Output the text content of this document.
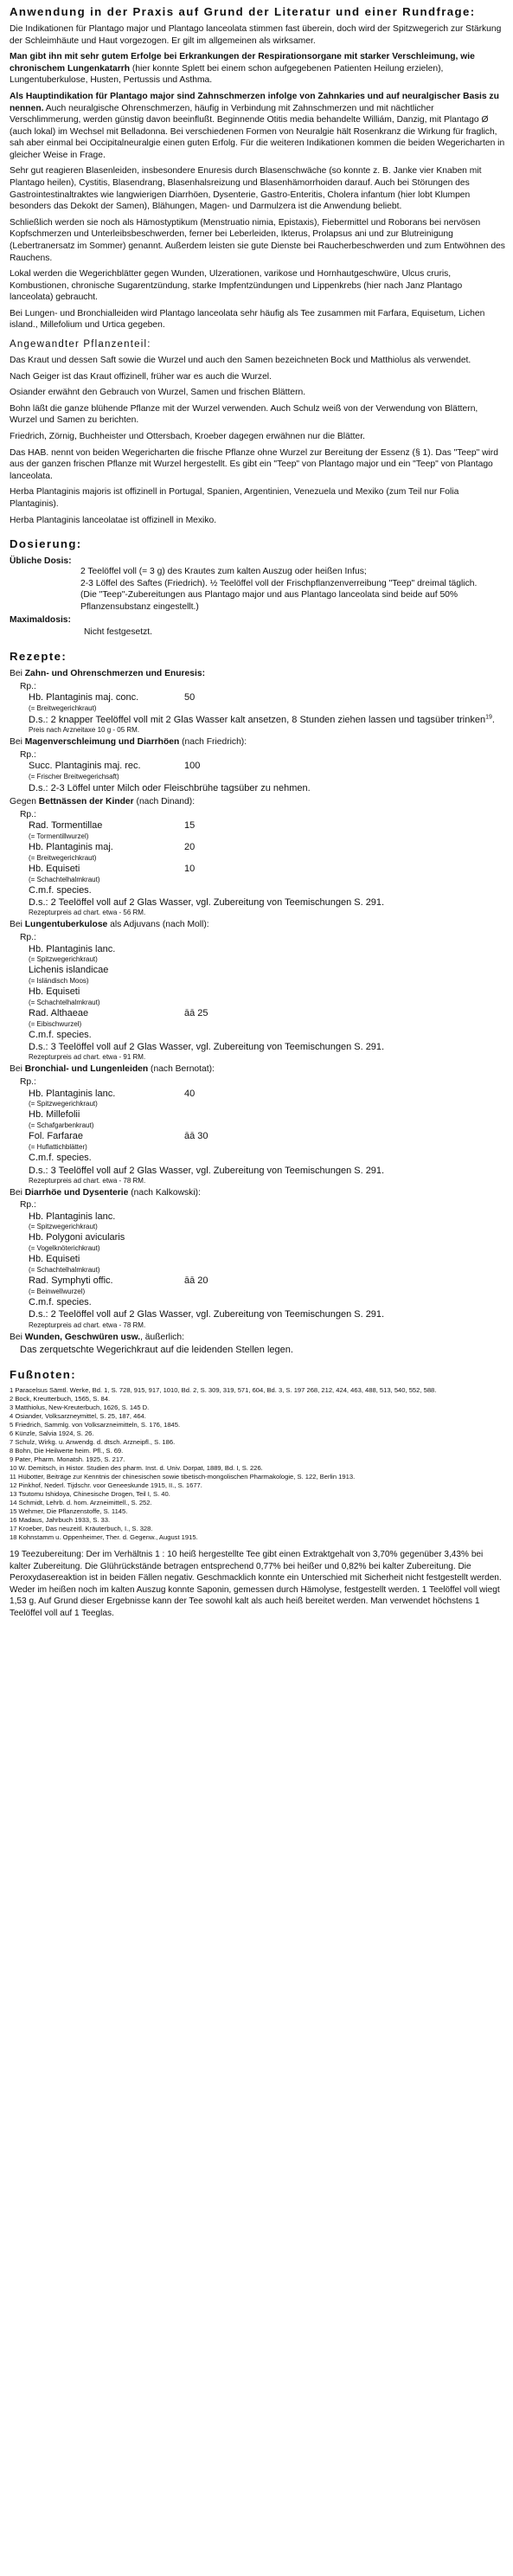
Anwendung in der Praxis auf Grund der Literatur und einer Rundfrage:

Die Indikationen für Plantago major und Plantago lanceolata stimmen fast überein, doch wird der Spitzwegerich zur Stärkung der Schleimhäute und Haut vorgezogen. Er gilt im allgemeinen als wirksamer.

Man gibt ihn mit sehr gutem Erfolge bei Erkrankungen der Respirationsorgane mit starker Verschleimung, wie chronischem Lungenkatarrh (hier konnte Splett bei einem schon aufgegebenen Patienten Heilung erzielen), Lungentuberkulose, Husten, Pertussis und Asthma.

Als Hauptindikation für Plantago major sind Zahnschmerzen infolge von Zahnkaries und auf neuralgischer Basis zu nennen. Auch neuralgische Ohrenschmerzen, häufig in Verbindung mit Zahnschmerzen und mit nächtlicher Verschlimmerung, werden günstig davon beeinflußt. Beginnende Otitis media behandelte Williám, Danzig, mit Plantago Ø (auch lokal) im Wechsel mit Belladonna. Bei verschiedenen Formen von Neuralgie hält Rosenkranz die Wirkung für fraglich, sah aber einmal bei Occipitalneuralgie einen guten Erfolg. Für die weiteren Indikationen kommen die beiden Wegericharten in gleicher Weise in Frage.

Sehr gut reagieren Blasenleiden, insbesondere Enuresis durch Blasenschwäche (so konnte z. B. Janke vier Knaben mit Plantago heilen), Cystitis, Blasendrang, Blasenhalsreizung und Blasenhämorrhoiden darauf. Auch bei Störungen des Gastrointestinaltraktes wie langwierigen Diarrhöen, Dysenterie, Gastro-Enteritis, Cholera infantum (hier lobt Klumpen besonders das Dekokt der Samen), Blähungen, Magen- und Darmulzera ist die Anwendung beliebt.

Schließlich werden sie noch als Hämostyptikum (Menstruatio nimia, Epistaxis), Fiebermittel und Roborans bei nervösen Kopfschmerzen und Unterleibsbeschwerden, ferner bei Leberleiden, Ikterus, Prolapsus ani und zur Blutreinigung (Lebertranersatz im Sommer) genannt. Außerdem leisten sie gute Dienste bei Raucherbeschwerden und zum Entwöhnen des Rauchens.

Lokal werden die Wegerichblätter gegen Wunden, Ulzerationen, varikose und Hornhautgeschwüre, Ulcus cruris, Kombustionen, chronische Sugarentzündung, starke Impfentzündungen und Lippenkrebs (hier nach Janz Plantago lanceolata) gebraucht.

Bei Lungen- und Bronchialleiden wird Plantago lanceolata sehr häufig als Tee zusammen mit Farfara, Equisetum, Lichen island., Millefolium und Urtica gegeben.

Angewandter Pflanzenteil:

Das Kraut und dessen Saft sowie die Wurzel und auch den Samen bezeichneten Bock und Matthiolus als verwendet.

Nach Geiger ist das Kraut offizinell, früher war es auch die Wurzel.

Osiander erwähnt den Gebrauch von Wurzel, Samen und frischen Blättern.

Bohn läßt die ganze blühende Pflanze mit der Wurzel verwenden. Auch Schulz weiß von der Verwendung von Blättern, Wurzel und Samen zu berichten.

Friedrich, Zörnig, Buchheister und Ottersbach, Kroeber dagegen erwähnen nur die Blätter.

Das HAB. nennt von beiden Wegericharten die frische Pflanze ohne Wurzel zur Bereitung der Essenz (§ 1). Das "Teep" wird aus der ganzen frischen Pflanze mit Wurzel hergestellt. Es gibt ein "Teep" von Plantago major und ein "Teep" von Plantago lanceolata.

Herba Plantaginis majoris ist offizinell in Portugal, Spanien, Argentinien, Venezuela und Mexiko (zum Teil nur Folia Plantaginis).

Herba Plantaginis lanceolatae ist offizinell in Mexiko.

Dosierung:
Übliche Dosis:	2 Teelöffel voll (= 3 g) des Krautes zum kalten Auszug oder heißen Infus;
2-3 Löffel des Saftes (Friedrich). ½ Teelöffel voll der Frischpflanzenverreibung "Teep" dreimal täglich.
(Die "Teep"-Zubereitungen aus Plantago major und aus Plantago lanceolata sind beide auf 50% Pflanzensubstanz eingestellt.)

Maximaldosis:	Nicht festgesetzt.
Rezepte:
Bei Zahn- und Ohrenschmerzen und Enuresis:
Rp.:
Hb. Plantaginis maj. conc.	50
(= Breitwegerichkraut)
D.s.: 2 knapper Teelöffel voll mit 2 Glas Wasser kalt ansetzen, 8 Stunden ziehen lassen und tagsüber trinken$^{19}$.
Preis nach Arzneitaxe 10 g - 05 RM.
Bei Magenverschleimung und Diarrhöen (nach Friedrich):
Rp.:
Succ. Plantaginis maj. rec.	100
(= Frischer Breitwegerichsaft)
D.s.: 2-3 Löffel unter Milch oder Fleischbrühe tagsüber zu nehmen.
Gegen Bettnässen der Kinder (nach Dinand):
Rp.:
Rad. Tormentillae	15
(= Tormentillwurzel)
Hb. Plantaginis maj.	20
(= Breitwegerichkraut)
Hb. Equiseti	10
(= Schachtelhalmkraut)
C.m.f. species.
D.s.: 2 Teelöffel voll auf 2 Glas Wasser, vgl. Zubereitung von Teemischungen S. 291.
Rezepturpreis ad chart. etwa - 56 RM.
Bei Lungentuberkulose als Adjuvans (nach Moll):
Rp.:
Hb. Plantaginis lanc.
(= Spitzwegerichkraut)
Lichenis islandicae
(= Isländisch Moos)
Hb. Equiseti
(= Schachtelhalmkraut)
Rad. Althaeae	āā 25
(= Eibischwurzel)
C.m.f. species.
D.s.: 3 Teelöffel voll auf 2 Glas Wasser, vgl. Zubereitung von Teemischungen S. 291.
Rezepturpreis ad chart. etwa - 91 RM.
Bei Bronchial- und Lungenleiden (nach Bernotat):
Rp.:
Hb. Plantaginis lanc.	40
(= Spitzwegerichkraut)
Hb. Millefolii
(= Schafgarbenkraut)
Fol. Farfarae	āā 30
(= Huflattichblätter)
C.m.f. species.
D.s.: 3 Teelöffel voll auf 2 Glas Wasser, vgl. Zubereitung von Teemischungen S. 291.
Rezepturpreis ad chart. etwa - 78 RM.
Bei Diarrhöe und Dysenterie (nach Kalkowski):
Rp.:
Hb. Plantaginis lanc.
(= Spitzwegerichkraut)
Hb. Polygoni avicularis
(= Vogelknöterichkraut)
Hb. Equiseti
(= Schachtelhalmkraut)
Rad. Symphyti offic.	āā 20
(= Beinwellwurzel)
C.m.f. species.
D.s.: 2 Teelöffel voll auf 2 Glas Wasser, vgl. Zubereitung von Teemischungen S. 291.
Rezepturpreis ad chart. etwa - 78 RM.
Bei Wunden, Geschwüren usw., äußerlich:
Das zerquetschte Wegerichkraut auf die leidenden Stellen legen.
Fußnoten:
1 Paracelsus Sämtl. Werke, Bd. 1, S. 728, 915, 917, 1010, Bd. 2, S. 309, 319, 571, 604, Bd. 3, S. 197 268, 212, 424, 463, 488, 513, 540, 552, 588.
2 Bock, Kreutterbuch, 1565, S. 84.
3 Matthiolus, New-Kreuterbuch, 1626, S. 145 D.
4 Osiander, Volksarzneymittel, S. 25, 187, 464.
5 Friedrich, Sammlg. von Volksarzneimitteln, S. 176, 1845.
6 Künzle, Salvia 1924, S. 26.
7 Schulz, Wirkg. u. Anwendg. d. dtsch. Arzneipfl., S. 186.
8 Bohn, Die Heilwerte heim. Pfl., S. 69.
9 Pater, Pharm. Monatsh. 1925, S. 217.
10 W. Demitsch, in Histor. Studien des pharm. Inst. d. Univ. Dorpat, 1889, Bd. I, S. 226.
11 Hübotter, Beiträge zur Kenntnis der chinesischen sowie tibetisch-mongolischen Pharmakologie, S. 122, Berlin 1913.
12 Pinkhof, Nederl. Tijdschr. voor Geneeskunde 1915, II., S. 1677.
13 Tsutomu Ishidoya, Chinesische Drogen, Teil I, S. 40.
14 Schmidt, Lehrb. d. hom. Arzneimittell., S. 252.
15 Wehmer, Die Pflanzenstoffe, S. 1145.
16 Madaus, Jahrbuch 1933, S. 33.
17 Kroeber, Das neuzeitl. Kräuterbuch, I., S. 328.
18 Kohnstamm u. Oppenheimer, Ther. d. Gegenw., August 1915.

19 Teezubereitung: Der im Verhältnis 1 : 10 heiß hergestellte Tee gibt einen Extraktgehalt von 3,70% gegenüber 3,43% bei kalter Zubereitung. Die Glührückstände betragen entsprechend 0,77% bei heißer und 0,82% bei kalter Zubereitung. Die Peroxydasereaktion ist in beiden Fällen negativ. Geschmacklich konnte ein Unterschied mit Sicherheit nicht festgestellt werden. Weder im heißen noch im kalten Auszug konnte Saponin, gemessen durch Hämolyse, festgestellt werden. 1 Teelöffel voll wiegt 1,53 g. Auf Grund dieser Ergebnisse kann der Tee sowohl kalt als auch heiß bereitet werden. Man verwendet höchstens 1 Teelöffel voll auf 1 Teeglas.
